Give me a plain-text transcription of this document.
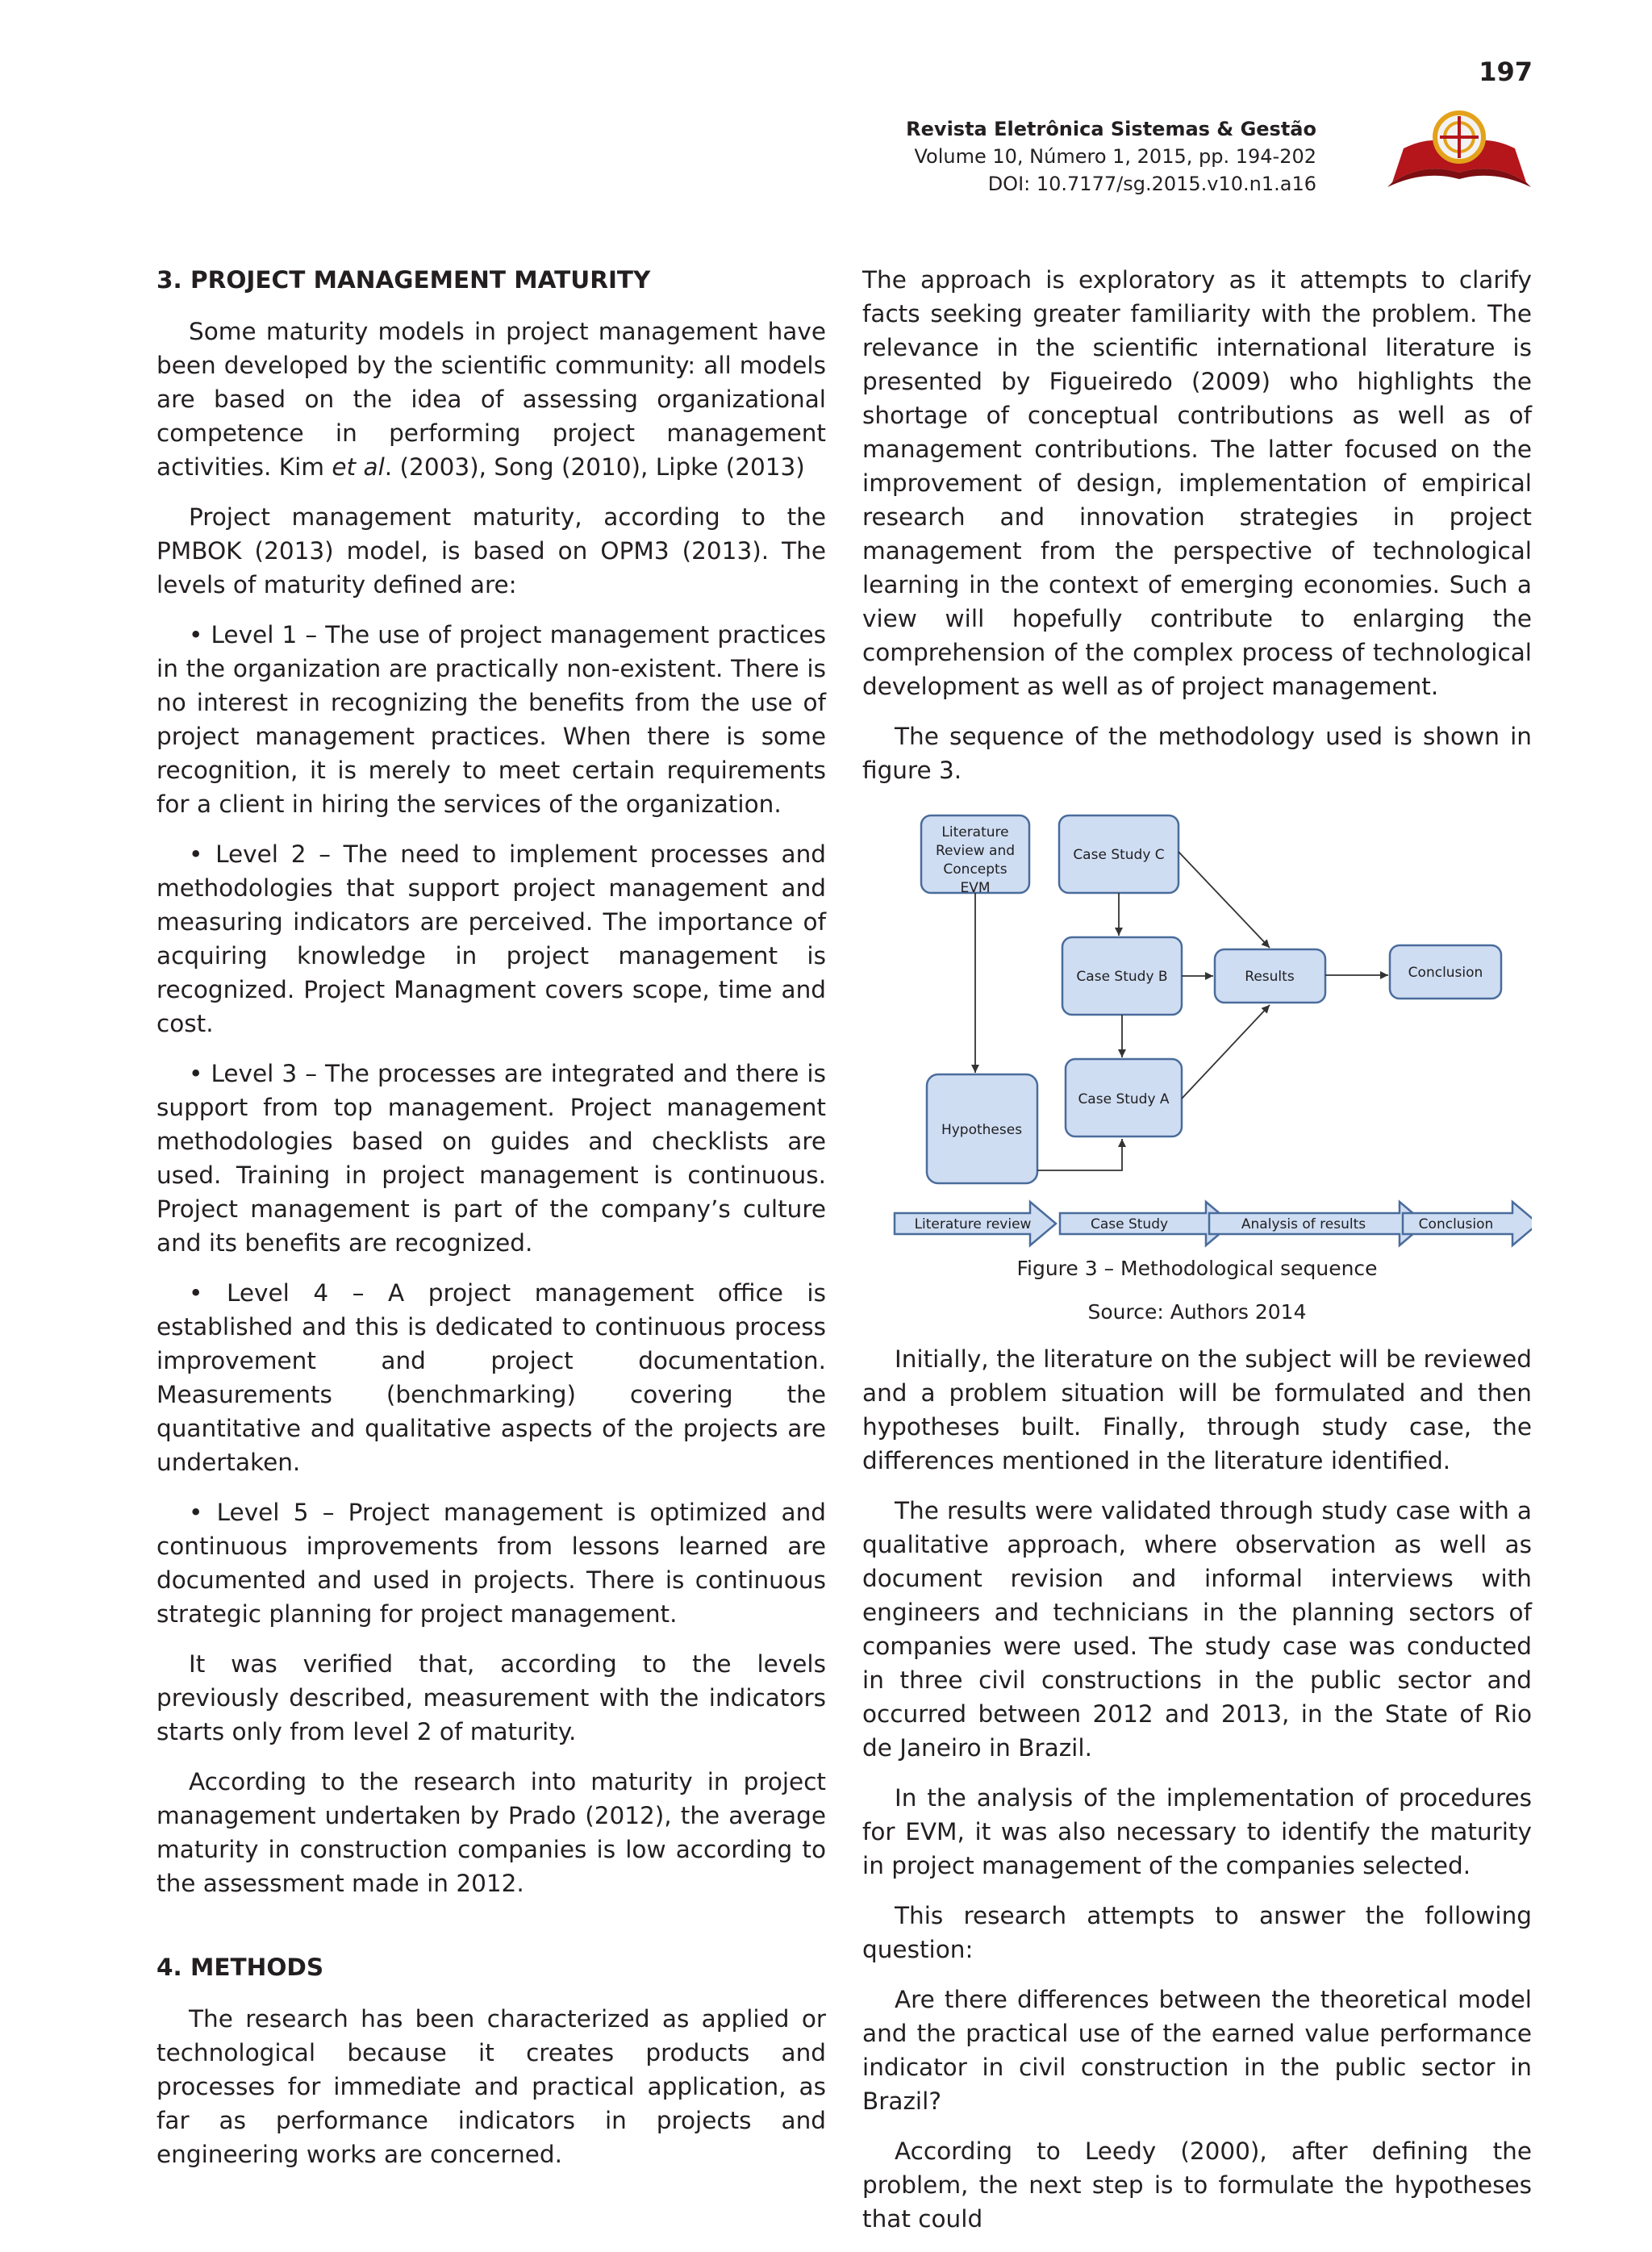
197
Revista Eletrônica Sistemas & Gestão
Volume 10, Número 1, 2015, pp. 194-202
DOI: 10.7177/sg.2015.v10.n1.a16
3. PROJECT MANAGEMENT MATURITY

Some maturity models in project management have been developed by the scientific community: all models are based on the idea of assessing organizational competence in performing project management activities. Kim et al. (2003), Song (2010), Lipke (2013)

Project management maturity, according to the PMBOK (2013) model, is based on OPM3 (2013). The levels of maturity defined are:

• Level 1 – The use of project management practices in the organization are practically non-existent. There is no interest in recognizing the benefits from the use of project management practices. When there is some recognition, it is merely to meet certain requirements for a client in hiring the services of the organization.

• Level 2 – The need to implement processes and methodologies that support project management and measuring indicators are perceived. The importance of acquiring knowledge in project management is recognized. Project Managment covers scope, time and cost.

• Level 3 – The processes are integrated and there is support from top management. Project management methodologies based on guides and checklists are used. Training in project management is continuous. Project management is part of the company’s culture and its benefits are recognized.

• Level 4 – A project management office is established and this is dedicated to continuous process improvement and project documentation. Measurements (benchmarking) covering the quantitative and qualitative aspects of the projects are undertaken.

• Level 5 – Project management is optimized and continuous improvements from lessons learned are documented and used in projects. There is continuous strategic planning for project management.

It was verified that, according to the levels previously described, measurement with the indicators starts only from level 2 of maturity.

According to the research into maturity in project management undertaken by Prado (2012), the average maturity in construction companies is low according to the assessment made in 2012.

4. METHODS

The research has been characterized as applied or technological because it creates products and processes for immediate and practical application, as far as performance indicators in projects and engineering works are concerned.

The approach is exploratory as it attempts to clarify facts seeking greater familiarity with the problem. The relevance in the scientific international literature is presented by Figueiredo (2009) who highlights the shortage of conceptual contributions as well as of management contributions. The latter focused on the improvement of design, implementation of empirical research and innovation strategies in project management from the perspective of technological learning in the context of emerging economies. Such a view will hopefully contribute to enlarging the comprehension of the complex process of technological development as well as of project management.

The sequence of the methodology used is shown in figure 3.

Literature
Review and
Concepts
EVM
Case Study C
Case Study B	Results	Conclusion
Case Study A
Hypotheses
Literature review	Case Study	Analysis of results	Conclusion

Figure 3 – Methodological sequence

Source: Authors 2014

Initially, the literature on the subject will be reviewed and a problem situation will be formulated and then hypotheses built. Finally, through study case, the differences mentioned in the literature identified.

The results were validated through study case with a qualitative approach, where observation as well as document revision and informal interviews with engineers and technicians in the planning sectors of companies were used. The study case was conducted in three civil constructions in the public sector and occurred between 2012 and 2013, in the State of Rio de Janeiro in Brazil.

In the analysis of the implementation of procedures for EVM, it was also necessary to identify the maturity in project management of the companies selected.

This research attempts to answer the following question:

Are there differences between the theoretical model and the practical use of the earned value performance indicator in civil construction in the public sector in Brazil?

According to Leedy (2000), after defining the problem, the next step is to formulate the hypotheses that could
